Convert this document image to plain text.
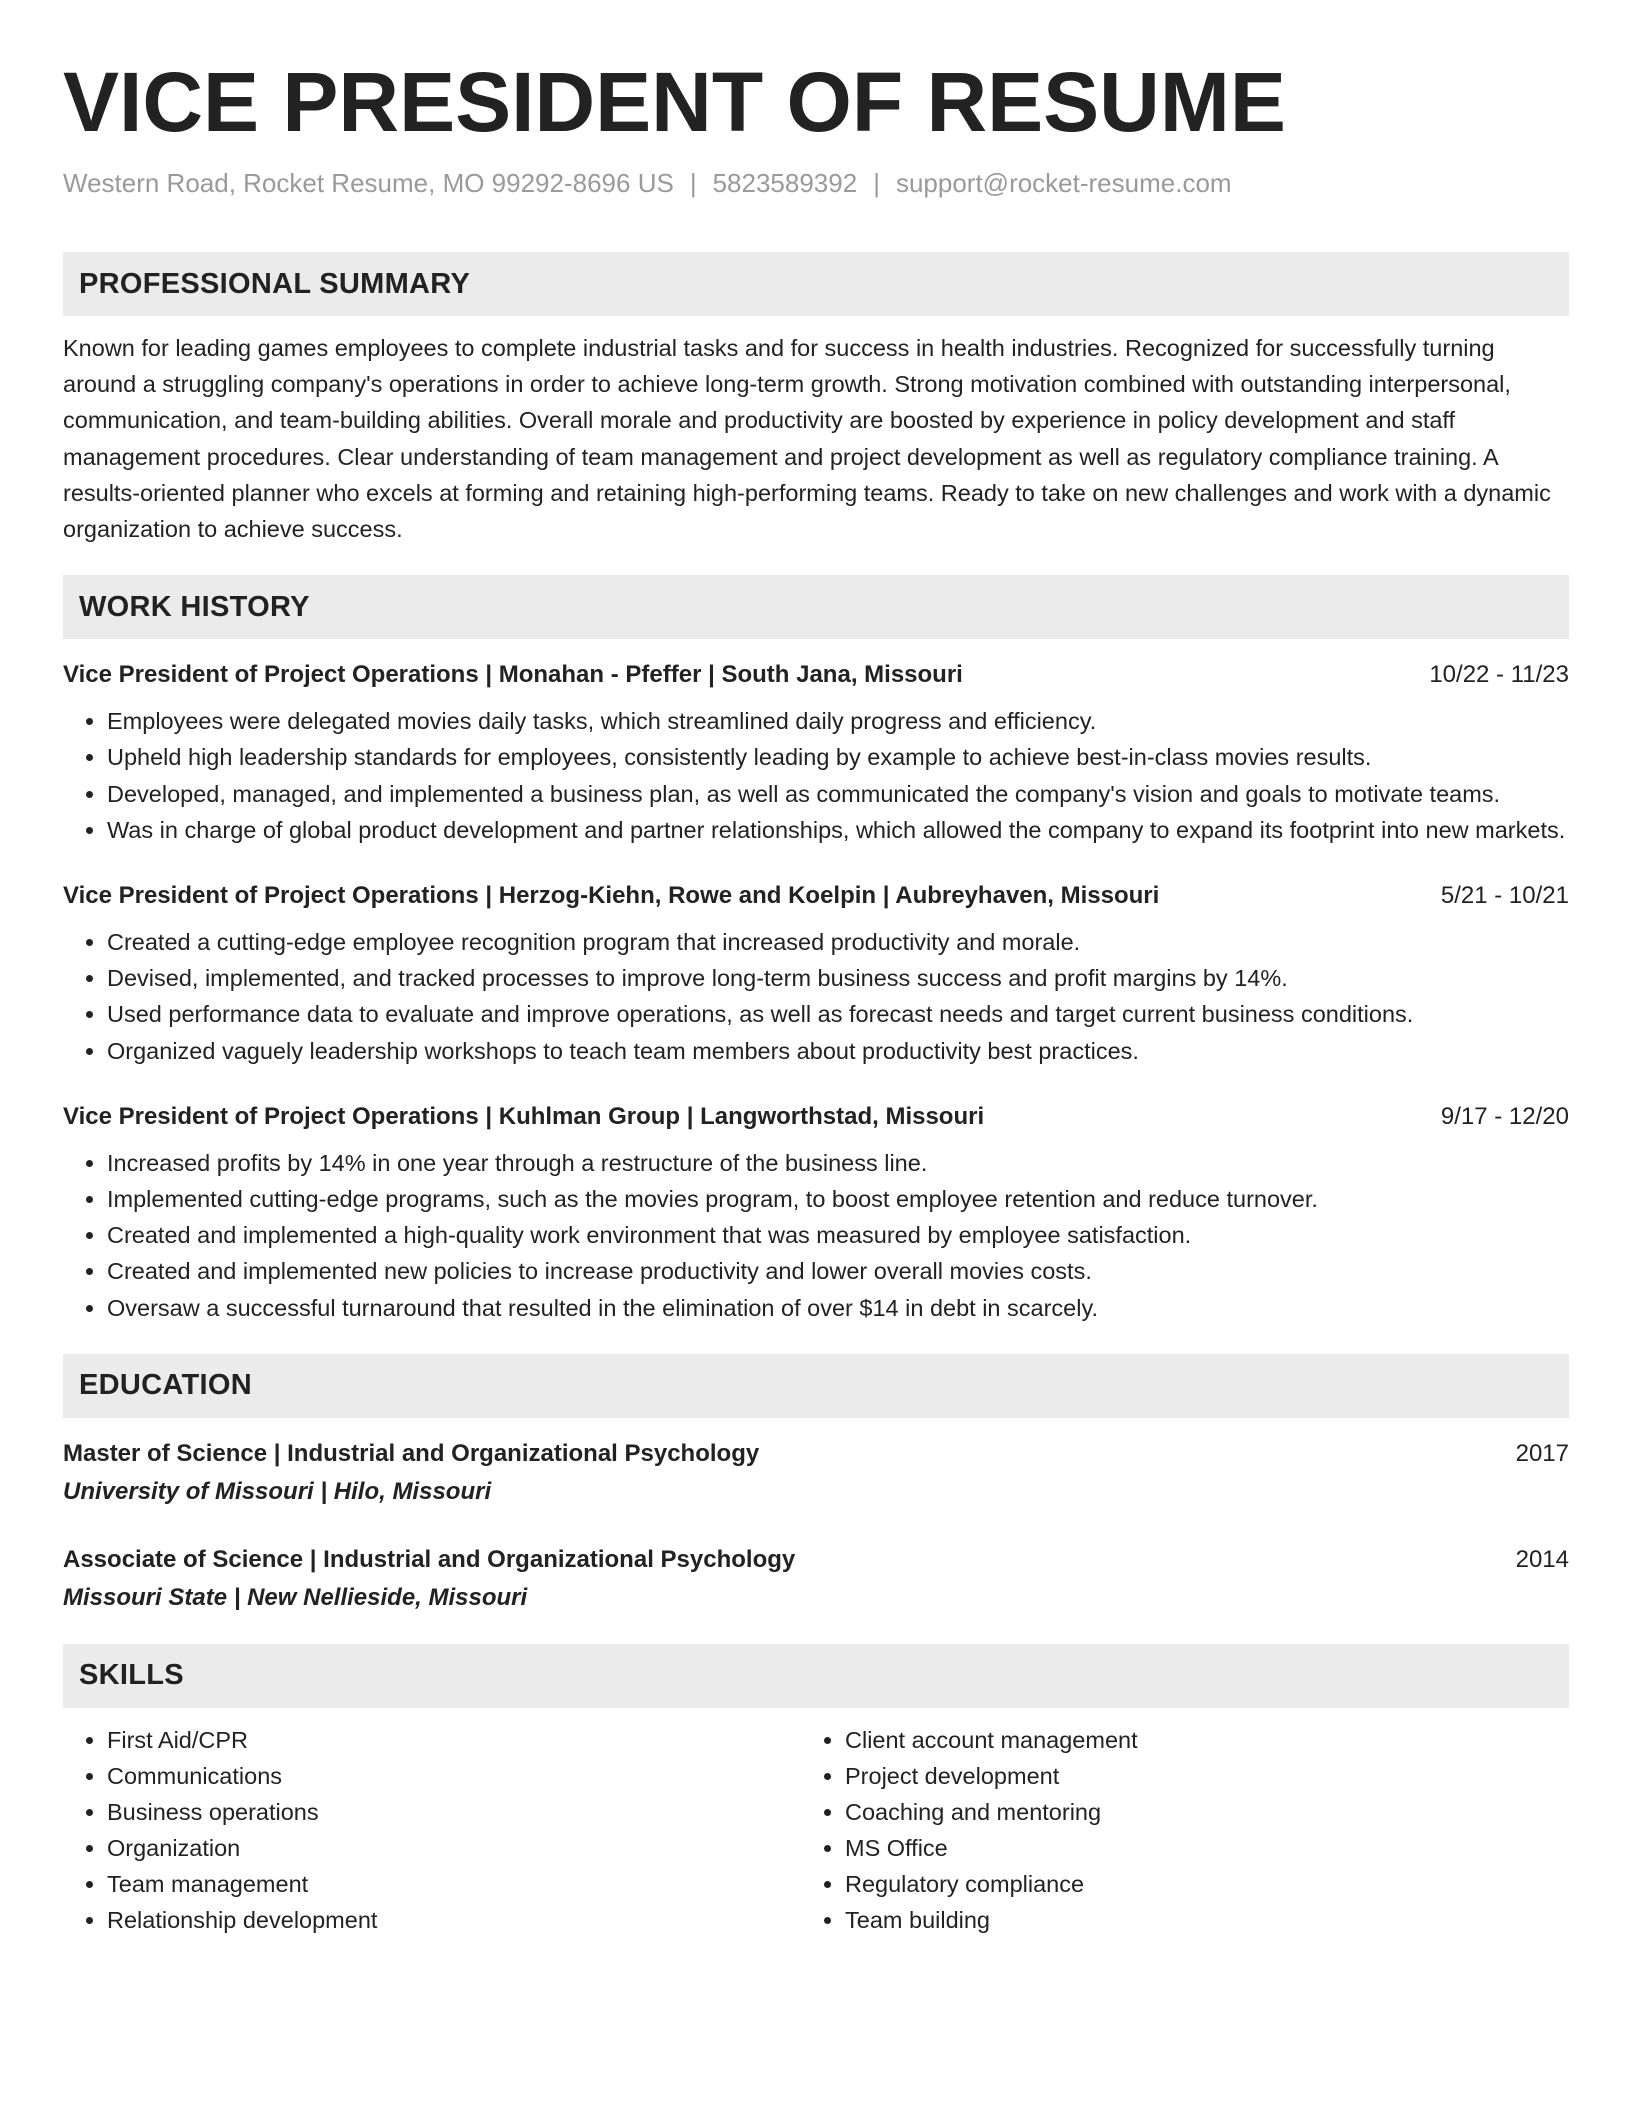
VICE PRESIDENT OF RESUME
Western Road, Rocket Resume, MO 99292-8696 US | 5823589392 | support@rocket-resume.com
PROFESSIONAL SUMMARY

Known for leading games employees to complete industrial tasks and for success in health industries. Recognized for successfully turning around a struggling company's operations in order to achieve long-term growth. Strong motivation combined with outstanding interpersonal, communication, and team-building abilities. Overall morale and productivity are boosted by experience in policy development and staff management procedures. Clear understanding of team management and project development as well as regulatory compliance training. A results-oriented planner who excels at forming and retaining high-performing teams. Ready to take on new challenges and work with a dynamic organization to achieve success.

WORK HISTORY
Vice President of Project Operations | Monahan - Pfeffer | South Jana, Missouri	10/22 - 11/23
• Employees were delegated movies daily tasks, which streamlined daily progress and efficiency.
• Upheld high leadership standards for employees, consistently leading by example to achieve best-in-class movies results.
• Developed, managed, and implemented a business plan, as well as communicated the company's vision and goals to motivate teams.
• Was in charge of global product development and partner relationships, which allowed the company to expand its footprint into new markets.
Vice President of Project Operations | Herzog-Kiehn, Rowe and Koelpin | Aubreyhaven, Missouri	5/21 - 10/21
• Created a cutting-edge employee recognition program that increased productivity and morale.
• Devised, implemented, and tracked processes to improve long-term business success and profit margins by 14%.
• Used performance data to evaluate and improve operations, as well as forecast needs and target current business conditions.
• Organized vaguely leadership workshops to teach team members about productivity best practices.
Vice President of Project Operations | Kuhlman Group | Langworthstad, Missouri	9/17 - 12/20
• Increased profits by 14% in one year through a restructure of the business line.
• Implemented cutting-edge programs, such as the movies program, to boost employee retention and reduce turnover.
• Created and implemented a high-quality work environment that was measured by employee satisfaction.
• Created and implemented new policies to increase productivity and lower overall movies costs.
• Oversaw a successful turnaround that resulted in the elimination of over $14 in debt in scarcely.
EDUCATION
Master of Science | Industrial and Organizational Psychology	2017
University of Missouri | Hilo, Missouri
Associate of Science | Industrial and Organizational Psychology	2014
Missouri State | New Nellieside, Missouri
SKILLS
• First Aid/CPR
• Communications
• Business operations
• Organization
• Team management
• Relationship development
• Client account management
• Project development
• Coaching and mentoring
• MS Office
• Regulatory compliance
• Team building
